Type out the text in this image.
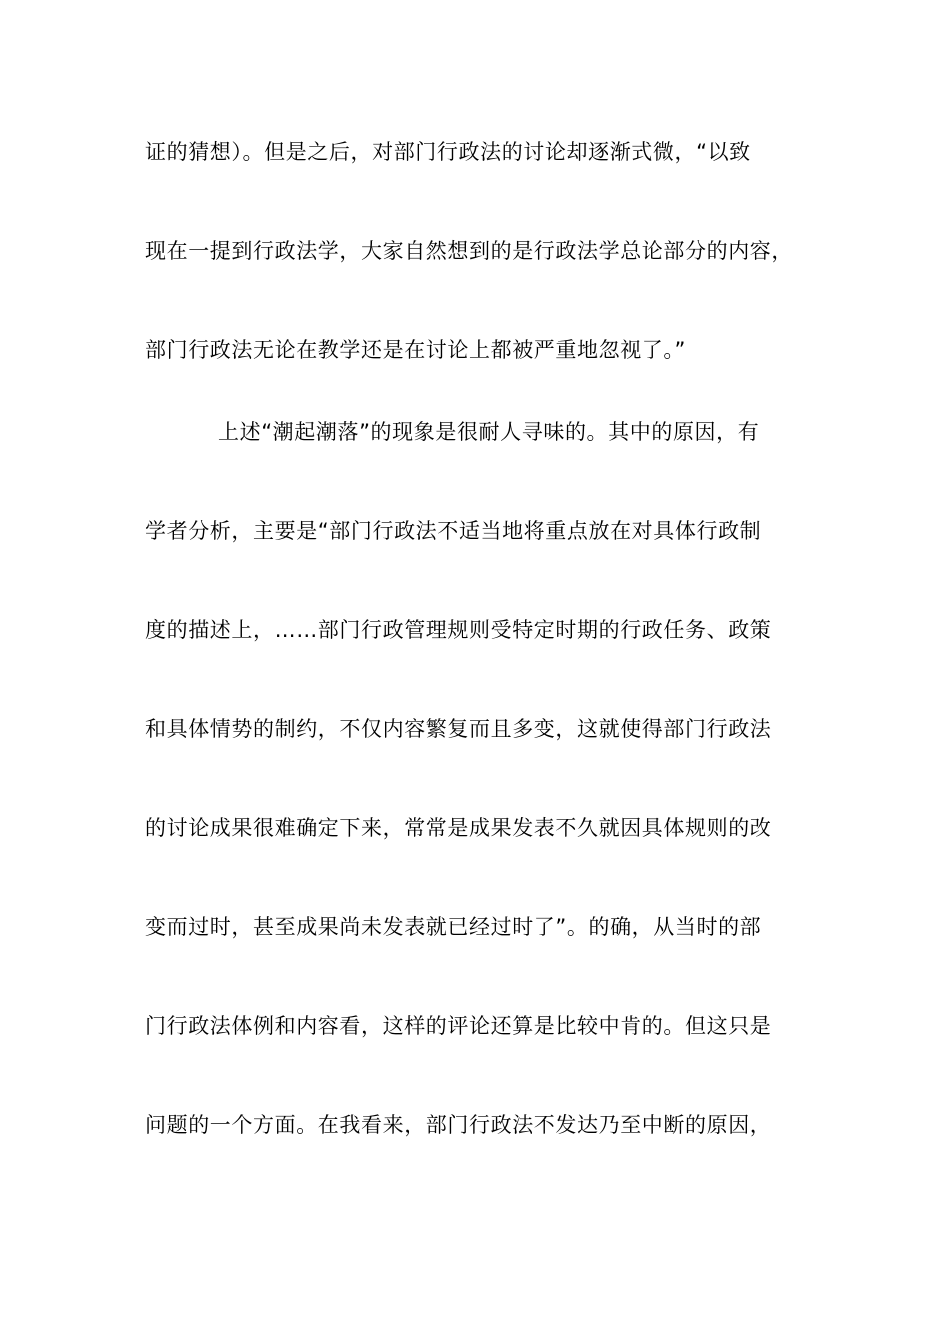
证的猜想）。但是之后，对部门行政法的讨论却逐渐式微，“以致
现在一提到行政法学，大家自然想到的是行政法学总论部分的内容，
部门行政法无论在教学还是在讨论上都被严重地忽视了。”
上述“潮起潮落”的现象是很耐人寻味的。其中的原因，有
学者分析，主要是“部门行政法不适当地将重点放在对具体行政制
度的描述上，……部门行政管理规则受特定时期的行政任务、政策
和具体情势的制约，不仅内容繁复而且多变，这就使得部门行政法
的讨论成果很难确定下来，常常是成果发表不久就因具体规则的改
变而过时，甚至成果尚未发表就已经过时了”。的确，从当时的部
门行政法体例和内容看，这样的评论还算是比较中肯的。但这只是
问题的一个方面。在我看来，部门行政法不发达乃至中断的原因，
